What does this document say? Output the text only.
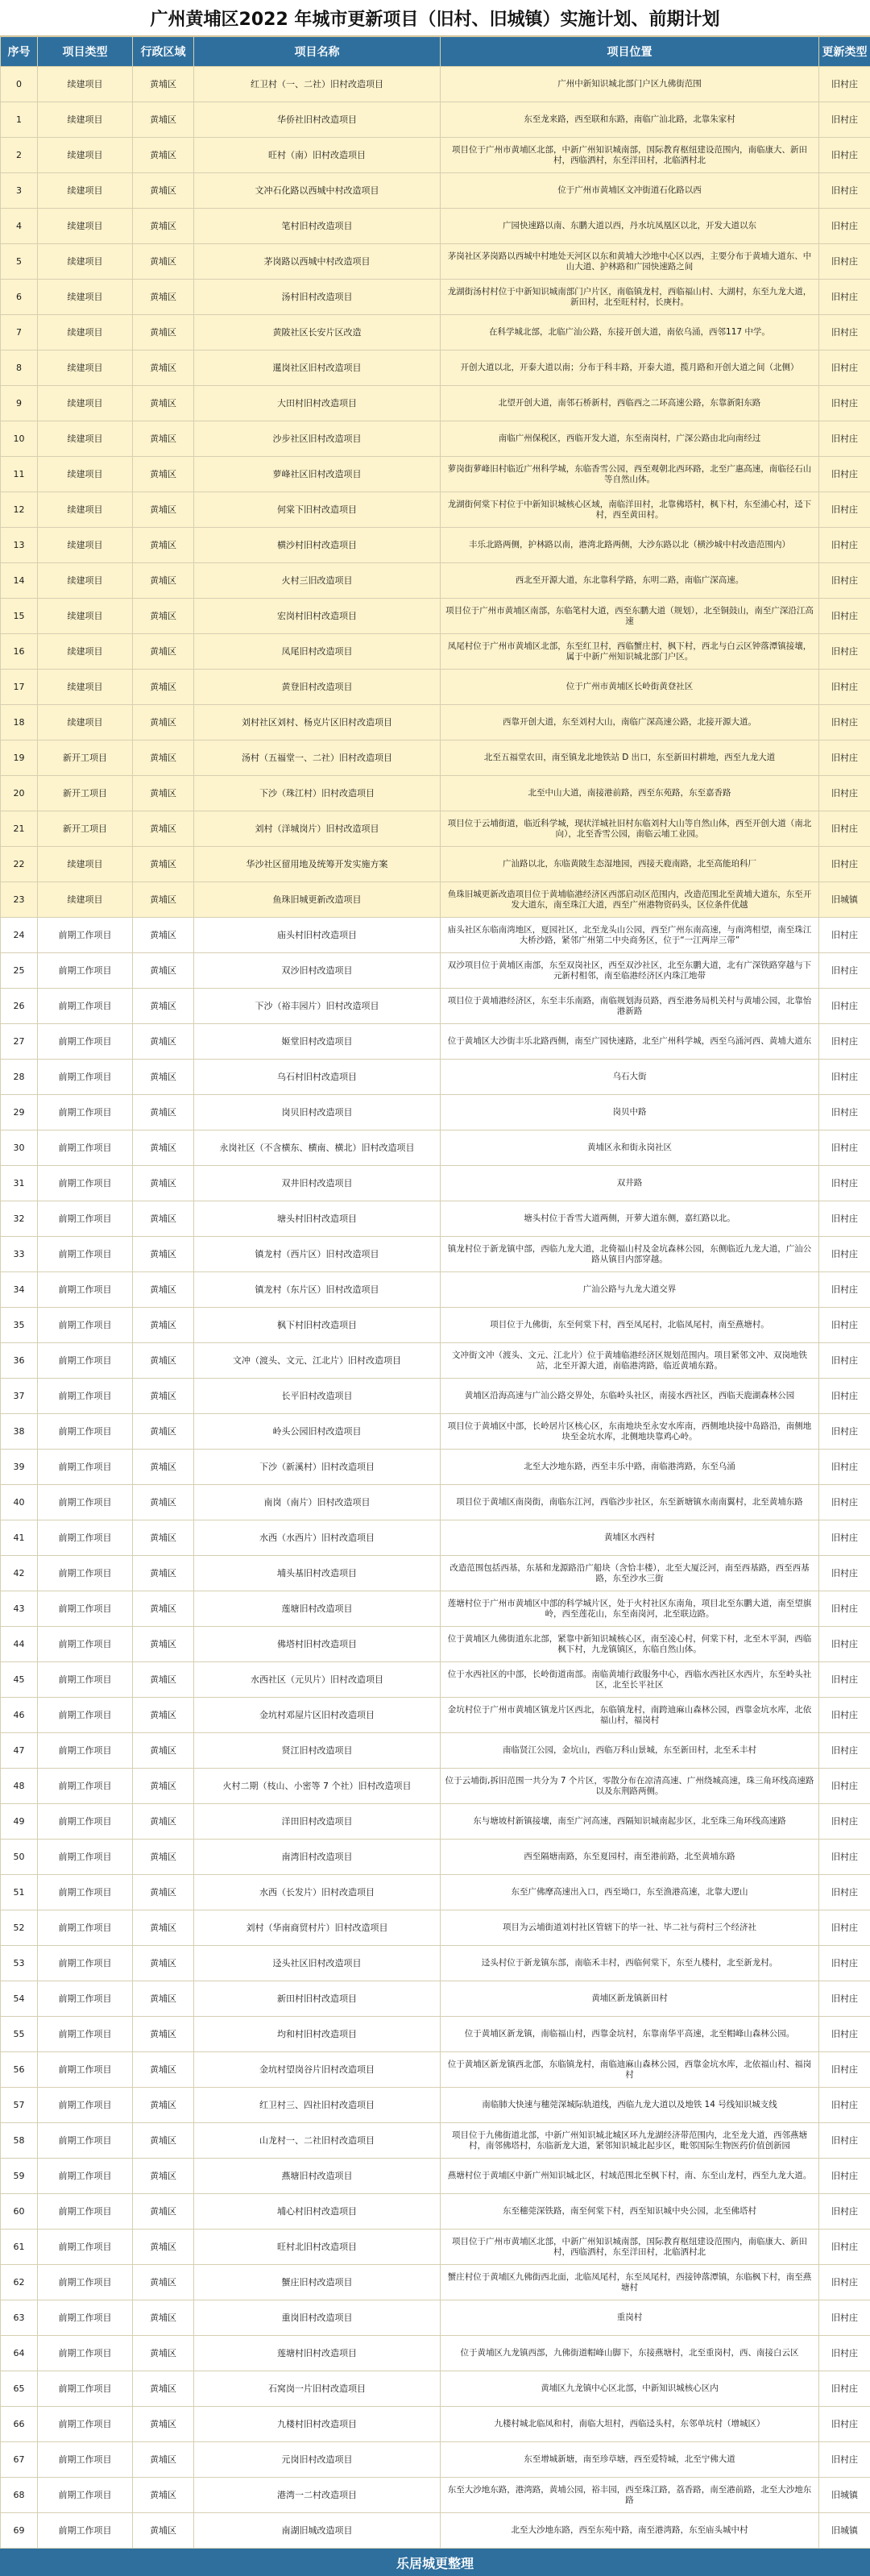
广州黄埔区2022 年城市更新项目（旧村、旧城镇）实施计划、前期计划
序号	项目类型	行政区域	项目名称	项目位置	更新类型
0	续建项目	黄埔区	红卫村（一、二社）旧村改造项目	广州中新知识城北部门户区九佛街范围	旧村庄
1	续建项目	黄埔区	华侨社旧村改造项目	东至龙来路，西至联和东路，南临广汕北路，北靠朱家村	旧村庄
2	续建项目	黄埔区	旺村（南）旧村改造项目	项目位于广州市黄埔区北部，中新广州知识城南部，国际教育枢纽建设范围内，南临康大、新田村，西临洒村，东至洋田村，北临洒村北	旧村庄
3	续建项目	黄埔区	文冲石化路以西城中村改造项目	位于广州市黄埔区文冲街道石化路以西	旧村庄
4	续建项目	黄埔区	笔村旧村改造项目	广园快速路以南、东鹏大道以西，丹水坑凤凰区以北，开发大道以东	旧村庄
5	续建项目	黄埔区	茅岗路以西城中村改造项目	茅岗社区茅岗路以西城中村地处天河区以东和黄埔大沙地中心区以西，主要分布于黄埔大道东、中山大道、护林路和广园快速路之间	旧村庄
6	续建项目	黄埔区	汤村旧村改造项目	龙湖街汤村村位于中新知识城南部门户片区，南临镇龙村，西临福山村、大湖村，东至九龙大道，新田村，北至旺村村，长庚村。	旧村庄
7	续建项目	黄埔区	黄陂社区长安片区改造	在科学城北部，北临广汕公路，东接开创大道，南依乌涌，西邻117 中学。	旧村庄
8	续建项目	黄埔区	暹岗社区旧村改造项目	开创大道以北，开泰大道以南；分布于科丰路，开泰大道，揽月路和开创大道之间（北侧）	旧村庄
9	续建项目	黄埔区	大田村旧村改造项目	北望开创大道，南邻石桥新村，西临西之二环高速公路，东靠新阳东路	旧村庄
10	续建项目	黄埔区	沙步社区旧村改造项目	南临广州保税区，西临开发大道，东至南岗村，广深公路由北向南经过	旧村庄
11	续建项目	黄埔区	萝峰社区旧村改造项目	萝岗街萝峰旧村临近广州科学城，东临香雪公园，西至观朝北西环路，北至广惠高速，南临径石山等自然山体。	旧村庄
12	续建项目	黄埔区	何棠下旧村改造项目	龙湖街何棠下村位于中新知识城核心区域，南临洋田村，北靠佛塔村，枫下村，东至浦心村，迳下村，西至黄田村。	旧村庄
13	续建项目	黄埔区	横沙村旧村改造项目	丰乐北路两侧，护林路以南，港湾北路两侧，大沙东路以北（横沙城中村改造范围内）	旧村庄
14	续建项目	黄埔区	火村三旧改造项目	西北至开源大道，东北靠科学路，东明二路，南临广深高速。	旧村庄
15	续建项目	黄埔区	宏岗村旧村改造项目	项目位于广州市黄埔区南部，东临笔村大道，西至东鹏大道（规划），北至铜鼓山，南至广深沿江高速	旧村庄
16	续建项目	黄埔区	凤尾旧村改造项目	凤尾村位于广州市黄埔区北部，东至红卫村，西临蟹庄村，枫下村，西北与白云区钟落潭镇接壤，属于中新广州知识城北部门户区。	旧村庄
17	续建项目	黄埔区	黄登旧村改造项目	位于广州市黄埔区长岭街黄登社区	旧村庄
18	续建项目	黄埔区	刘村社区刘村、杨克片区旧村改造项目	西靠开创大道，东至刘村大山，南临广深高速公路，北接开源大道。	旧村庄
19	新开工项目	黄埔区	汤村（五福堂一、二社）旧村改造项目	北至五福堂农田，南至镇龙北地铁站 D 出口，东至新田村耕地，西至九龙大道	旧村庄
20	新开工项目	黄埔区	下沙（珠江村）旧村改造项目	北至中山大道，南接港前路，西至东苑路，东至嘉香路	旧村庄
21	新开工项目	黄埔区	刘村（洋城岗片）旧村改造项目	项目位于云埔街道，临近科学城，现状洋城社旧村东临刘村大山等自然山体，西至开创大道（南北向），北至香雪公园，南临云埔工业园。	旧村庄
22	续建项目	黄埔区	华沙社区留用地及统筹开发实施方案	广汕路以北，东临黄陂生态湿地园，西接天鹿南路，北至高能珀科厂	旧村庄
23	续建项目	黄埔区	鱼珠旧城更新改造项目	鱼珠旧城更新改造项目位于黄埔临港经济区西部启动区范围内，改造范围北至黄埔大道东，东至开发大道东，南至珠江大道，西至广州港物资码头，区位条件优越	旧城镇
24	前期工作项目	黄埔区	庙头村旧村改造项目	庙头社区东临南湾地区，夏园社区，北至龙头山公园，西至广州东南高速，与南湾相望，南至珠江大桥沙路，紧邻广州第二中央商务区，位于“一江两岸三带”	旧村庄
25	前期工作项目	黄埔区	双沙旧村改造项目	双沙项目位于黄埔区南部，东至双岗社区，西至双沙社区，北至东鹏大道，北有广深铁路穿越与下元新村相邻，南至临港经济区内珠江地带	旧村庄
26	前期工作项目	黄埔区	下沙（裕丰园片）旧村改造项目	项目位于黄埔港经济区，东至丰乐南路，南临规划海员路，西至港务局机关村与黄埔公园，北靠怡港新路	旧村庄
27	前期工作项目	黄埔区	姬堂旧村改造项目	位于黄埔区大沙街丰乐北路西侧，南至广园快速路，北至广州科学城，西至乌涌河西、黄埔大道东	旧村庄
28	前期工作项目	黄埔区	乌石村旧村改造项目	乌石大街	旧村庄
29	前期工作项目	黄埔区	岗贝旧村改造项目	岗贝中路	旧村庄
30	前期工作项目	黄埔区	永岗社区（不含横东、横南、横北）旧村改造项目	黄埔区永和街永岗社区	旧村庄
31	前期工作项目	黄埔区	双井旧村改造项目	双井路	旧村庄
32	前期工作项目	黄埔区	塘头村旧村改造项目	塘头村位于香雪大道两侧，开萝大道东侧，嘉红路以北。	旧村庄
33	前期工作项目	黄埔区	镇龙村（西片区）旧村改造项目	镇龙村位于新龙镇中部，西临九龙大道，北倚福山村及金坑森林公园，东侧临近九龙大道，广汕公路从镇目内部穿越。	旧村庄
34	前期工作项目	黄埔区	镇龙村（东片区）旧村改造项目	广汕公路与九龙大道交界	旧村庄
35	前期工作项目	黄埔区	枫下村旧村改造项目	项目位于九佛街，东至何棠下村，西至凤尾村，北临凤尾村，南至燕塘村。	旧村庄
36	前期工作项目	黄埔区	文冲（渡头、文元、江北片）旧村改造项目	文冲街文冲（渡头、文元、江北片）位于黄埔临港经济区规划范围内。项目紧邻文冲、双岗地铁站，北至开源大道，南临港湾路，临近黄埔东路。	旧村庄
37	前期工作项目	黄埔区	长平旧村改造项目	黄埔区沿海高速与广汕公路交界处，东临岭头社区，南接水西社区，西临天鹿湖森林公园	旧村庄
38	前期工作项目	黄埔区	岭头公园旧村改造项目	项目位于黄埔区中部，长岭居片区核心区，东南地块至永安水库南，西侧地块接中岛路沿，南侧地块至金坑水库，北侧地块靠鸡心岭。	旧村庄
39	前期工作项目	黄埔区	下沙（新溪村）旧村改造项目	北至大沙地东路，西至丰乐中路，南临港湾路，东至乌涌	旧村庄
40	前期工作项目	黄埔区	南岗（南片）旧村改造项目	项目位于黄埔区南岗街，南临东江河，西临沙步社区，东至新塘镇水南南翼村，北至黄埔东路	旧村庄
41	前期工作项目	黄埔区	水西（水西片）旧村改造项目	黄埔区水西村	旧村庄
42	前期工作项目	黄埔区	埔头基旧村改造项目	改造范围包括西基，东基和龙源路沿广船块（含恰丰楼），北至大厦泛河，南至西基路，西至西基路，东至沙水三街	旧村庄
43	前期工作项目	黄埔区	莲塘旧村改造项目	莲塘村位于广州市黄埔区中部的科学城片区，处于火村社区东南角，项目北至东鹏大道，南至望旗岭，西至莲花山，东至南岗河，北至联边路。	旧村庄
44	前期工作项目	黄埔区	佛塔村旧村改造项目	位于黄埔区九佛街道东北部，紧靠中新知识城核心区，南至凌心村，何棠下村，北至木平洞，西临枫下村，九龙镇镇区，东临自然山体。	旧村庄
45	前期工作项目	黄埔区	水西社区（元贝片）旧村改造项目	位于水西社区的中部，长岭街道南部。南临黄埔行政服务中心，西临水西社区水西片，东至岭头社区，北至长平社区	旧村庄
46	前期工作项目	黄埔区	金坑村邓屋片区旧村改造项目	金坑村位于广州市黄埔区镇龙片区西北，东临镇龙村，南跨迪麻山森林公园，西靠金坑水库，北依福山村，福岗村	旧村庄
47	前期工作项目	黄埔区	贤江旧村改造项目	南临贤江公园，金坑山，西临万科山景城，东至新田村，北至禾丰村	旧村庄
48	前期工作项目	黄埔区	火村二期（枝山、小密等 7 个社）旧村改造项目	位于云埔街,拆旧范围一共分为 7 个片区，零散分布在凉清高速、广州绕城高速，珠三角环线高速路以及东荆路两侧。	旧村庄
49	前期工作项目	黄埔区	洋田旧村改造项目	东与塘坡村新镇接壤，南至广河高速，西隔知识城南起步区，北至珠三角环线高速路	旧村庄
50	前期工作项目	黄埔区	南湾旧村改造项目	西至隔塘南路，东至夏园村，南至港前路，北至黄埔东路	旧村庄
51	前期工作项目	黄埔区	水西（长发片）旧村改造项目	东至广佛摩高速出入口，西至坳口，东至渔港高速，北靠大逻山	旧村庄
52	前期工作项目	黄埔区	刘村（华南商贸村片）旧村改造项目	项目为云埔街道刘村社区管辖下的毕一社、毕二社与荷村三个经济社	旧村庄
53	前期工作项目	黄埔区	迳头社区旧村改造项目	迳头村位于新龙镇东部，南临禾丰村，西临何棠下，东至九楼村，北至新龙村。	旧村庄
54	前期工作项目	黄埔区	新田村旧村改造项目	黄埔区新龙镇新田村	旧村庄
55	前期工作项目	黄埔区	均和村旧村改造项目	位于黄埔区新龙镇，南临福山村，西靠金坑村，东靠南华平高速，北至帽峰山森林公园。	旧村庄
56	前期工作项目	黄埔区	金坑村望岗谷片旧村改造项目	位于黄埔区新龙镇西北部，东临镇龙村，南临迪麻山森林公园，西靠金坑水库，北依福山村、福岗村	旧村庄
57	前期工作项目	黄埔区	红卫村三、四社旧村改造项目	南临肺大快速与穗莞深城际轨道线，西临九龙大道以及地铁 14 号线知识城支线	旧村庄
58	前期工作项目	黄埔区	山龙村一、二社旧村改造项目	项目位于九佛街道北部，中新广州知识城北城区环九龙湖经济带范围内，北至龙大道，西邻燕塘村，南邻佛塔村，东临新龙大道，紧邻知识城北起步区，毗邻国际生物医药价值创新园	旧村庄
59	前期工作项目	黄埔区	燕塘旧村改造项目	燕塘村位于黄埔区中新广州知识城北区，村域范围北至枫下村，南、东至山龙村，西至九龙大道。	旧村庄
60	前期工作项目	黄埔区	埔心村旧村改造项目	东至穗莞深铁路，南至何棠下村，西至知识城中央公园，北至佛塔村	旧村庄
61	前期工作项目	黄埔区	旺村北旧村改造项目	项目位于广州市黄埔区北部，中新广州知识城南部，国际教育枢纽建设范围内，南临康大、新田村，西临洒村，东至洋田村，北临洒村北	旧村庄
62	前期工作项目	黄埔区	蟹庄旧村改造项目	蟹庄村位于黄埔区九佛街西北面，北临凤尾村，东至凤尾村，西接钟落潭镇，东临枫下村，南至燕塘村	旧村庄
63	前期工作项目	黄埔区	重岗旧村改造项目	重岗村	旧村庄
64	前期工作项目	黄埔区	莲塘村旧村改造项目	位于黄埔区九龙镇西部，九佛街道帽峰山脚下，东接燕塘村，北至重岗村，西、南接白云区	旧村庄
65	前期工作项目	黄埔区	石窝岗一片旧村改造项目	黄埔区九龙镇中心区北部，中新知识城核心区内	旧村庄
66	前期工作项目	黄埔区	九楼村旧村改造项目	九楼村城北临凤和村，南临大坦村，西临迳头村，东邻单坑村（增城区）	旧村庄
67	前期工作项目	黄埔区	元岗旧村改造项目	东至增城新塘，南至珍草塘，西至爱特城，北至宁佛大道	旧村庄
68	前期工作项目	黄埔区	港湾一二村改造项目	东至大沙地东路，港湾路，黄埔公园，裕丰园，西至珠江路，荔香路，南至港前路，北至大沙地东路	旧城镇
69	前期工作项目	黄埔区	南湖旧城改造项目	北至大沙地东路，西至东苑中路，南至港湾路，东至庙头城中村	旧城镇
乐居城更整理
